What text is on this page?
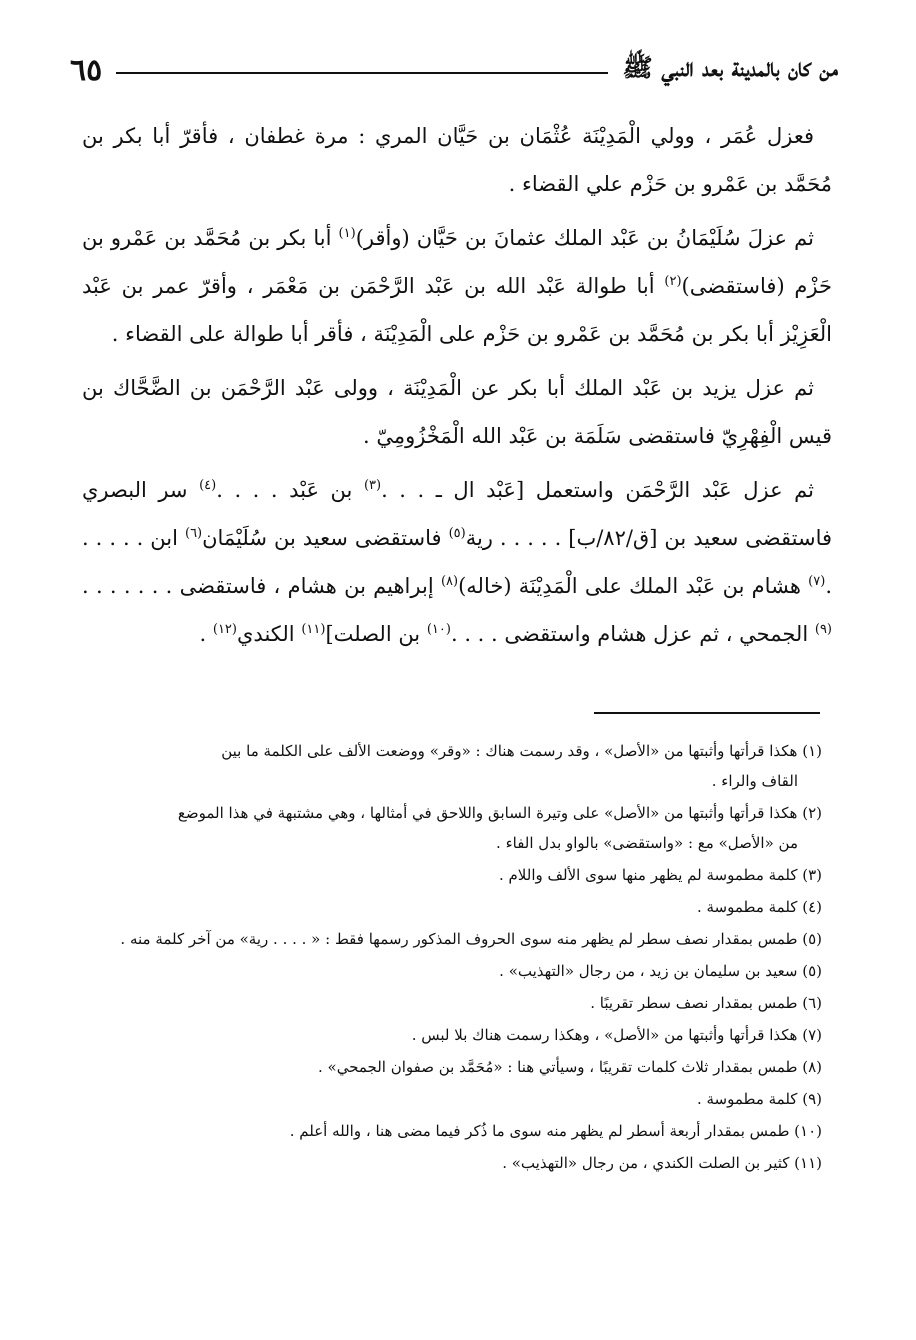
من كان بالمدينة بعد النبي ﷺ
٦٥

فعزل عُمَر ، وولي الْمَدِيْنَة عُثْمَان بن حَيَّان المري : مرة غطفان ، فأقرّ أبا بكر بن مُحَمَّد بن عَمْرو بن حَزْم علي القضاء .

ثم عزلَ سُلَيْمَانُ بن عَبْد الملك عثمانَ بن حَيَّان (وأقر)$^{(١)}$ أبا بكر بن مُحَمَّد بن عَمْرو بن حَزْم (فاستقضى)$^{(٢)}$ أبا طوالة عَبْد الله بن عَبْد الرَّحْمَن بن مَعْمَر ، وأقرّ عمر بن عَبْد الْعَزِيْز أبا بكر بن مُحَمَّد بن عَمْرو بن حَزْم على الْمَدِيْنَة ، فأقر أبا طوالة على القضاء .

ثم عزل يزيد بن عَبْد الملك أبا بكر عن الْمَدِيْنَة ، وولى عَبْد الرَّحْمَن بن الضَّحَّاك بن قيس الْفِهْرِيّ فاستقضى سَلَمَة بن عَبْد الله الْمَخْزُومِيّ .

ثم عزل عَبْد الرَّحْمَن واستعمل [عَبْد ال ـ . . .$^{(٣)}$ بن عَبْد . . . .$^{(٤)}$ سر البصري فاستقضى سعيد بن [ق/٨٢/ب] . . . . . رية$^{(٥)}$ فاستقضى سعيد بن سُلَيْمَان$^{(٦)}$ ابن . . . . . .$^{(٧)}$ هشام بن عَبْد الملك على الْمَدِيْنَة (خاله)$^{(٨)}$ إبراهيم بن هشام ، فاستقضى . . . . . . .$^{(٩)}$ الجمحي ، ثم عزل هشام واستقضى . . . .$^{(١٠)}$ بن الصلت]$^{(١١)}$ الكندي$^{(١٢)}$ .

(١) هكذا قرأتها وأثبتها من «الأصل» ، وقد رسمت هناك : «وقر» ووضعت الألف على الكلمة ما بين
القاف والراء .
(٢) هكذا قرأتها وأثبتها من «الأصل» على وتيرة السابق واللاحق في أمثالها ، وهي مشتبهة في هذا الموضع
من «الأصل» مع : «واستقضى» بالواو بدل الفاء .
(٣) كلمة مطموسة لم يظهر منها سوى الألف واللام .
(٤) كلمة مطموسة .
(٥) طمس بمقدار نصف سطر لم يظهر منه سوى الحروف المذكور رسمها فقط : « . . . . رية» من آخر كلمة منه .
(٥) سعيد بن سليمان بن زيد ، من رجال «التهذيب» .
(٦) طمس بمقدار نصف سطر تقريبًا .
(٧) هكذا قرأتها وأثبتها من «الأصل» ، وهكذا رسمت هناك بلا لبس .
(٨) طمس بمقدار ثلاث كلمات تقريبًا ، وسيأتي هنا : «مُحَمَّد بن صفوان الجمحي» .
(٩) كلمة مطموسة .
(١٠) طمس بمقدار أربعة أسطر لم يظهر منه سوى ما ذُكر فيما مضى هنا ، والله أعلم .
(١١) كثير بن الصلت الكندي ، من رجال «التهذيب» .
